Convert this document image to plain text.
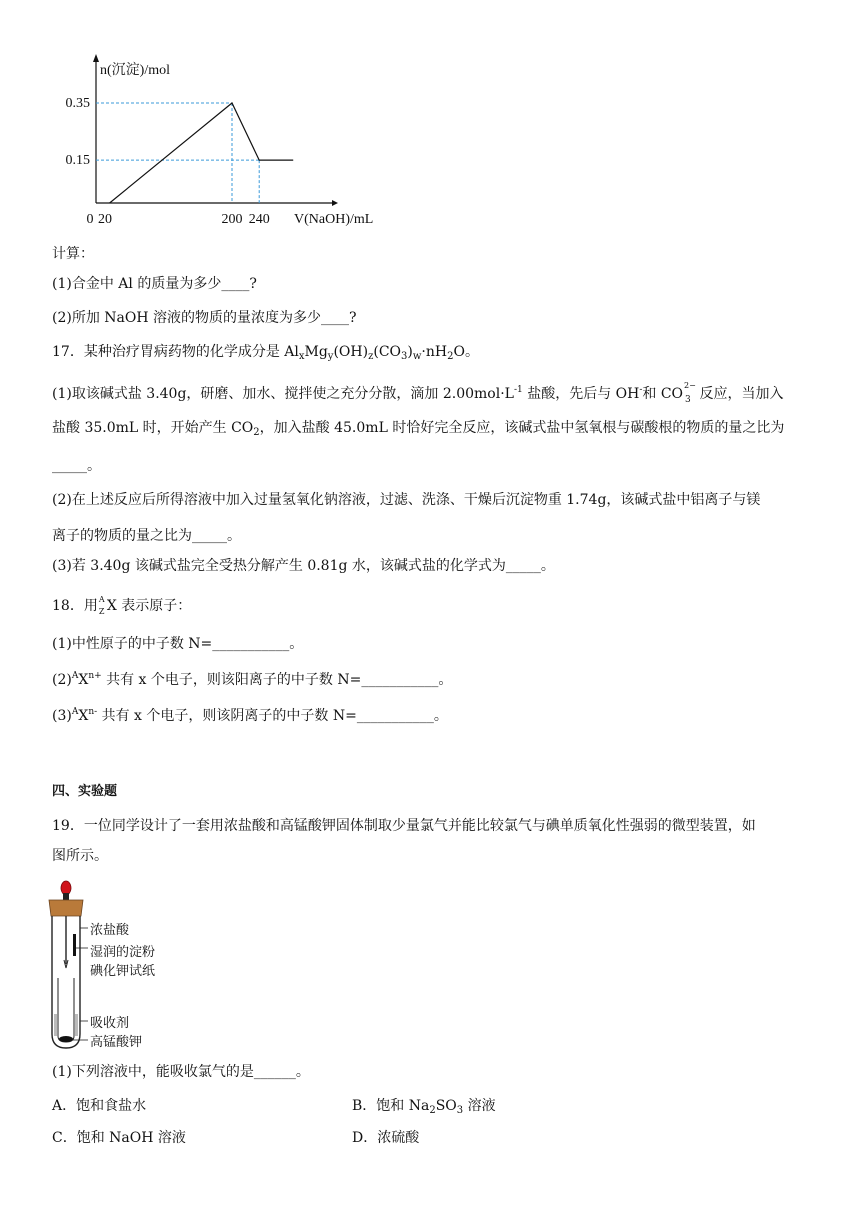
0.35
0.15
0 20	200 240
n(沉淀)/mol
V(NaOH)/mL
计算：
(1)合金中 Al 的质量为多少____?
(2)所加 NaOH 溶液的物质的量浓度为多少____?
17．某种治疗胃病药物的化学成分是 $Al_xMg_y(OH)_z(CO_3)_w\cdot nH_2O$。
(1)取该碱式盐 3.40g，研磨、加水、搅拌使之充分分散，滴加 $2.00mol\cdot L^{-1}$ 盐酸，先后与 OH-和 CO
2−
3 反应，当加入
盐酸 35.0mL 时，开始产生 $CO_2$，加入盐酸 45.0mL 时恰好完全反应，该碱式盐中氢氧根与碳酸根的物质的量之比为
_____。
(2)在上述反应后所得溶液中加入过量氢氧化钠溶液，过滤、洗涤、干燥后沉淀物重 1.74g，该碱式盐中铝离子与镁
离子的物质的量之比为_____。
(3)若 3.40g 该碱式盐完全受热分解产生 0.81g 水，该碱式盐的化学式为_____。
18．用 A
Z X 表示原子：
(1)中性原子的中子数 N=___________。
$(2)^AX^{n+}$ 共有 x 个电子，则该阳离子的中子数 N=___________。
$(3)^AX^{n-}$ 共有 x 个电子，则该阴离子的中子数 N=___________。
四、实验题
19．一位同学设计了一套用浓盐酸和高锰酸钾固体制取少量氯气并能比较氯气与碘单质氧化性强弱的微型装置，如
图所示。
浓盐酸
湿润的淀粉
碘化钾试纸
吸收剂
高锰酸钾
(1)下列溶液中，能吸收氯气的是______。
A．饱和食盐水	B．饱和 $Na_2SO_3$ 溶液
C．饱和 NaOH 溶液	D．浓硫酸
